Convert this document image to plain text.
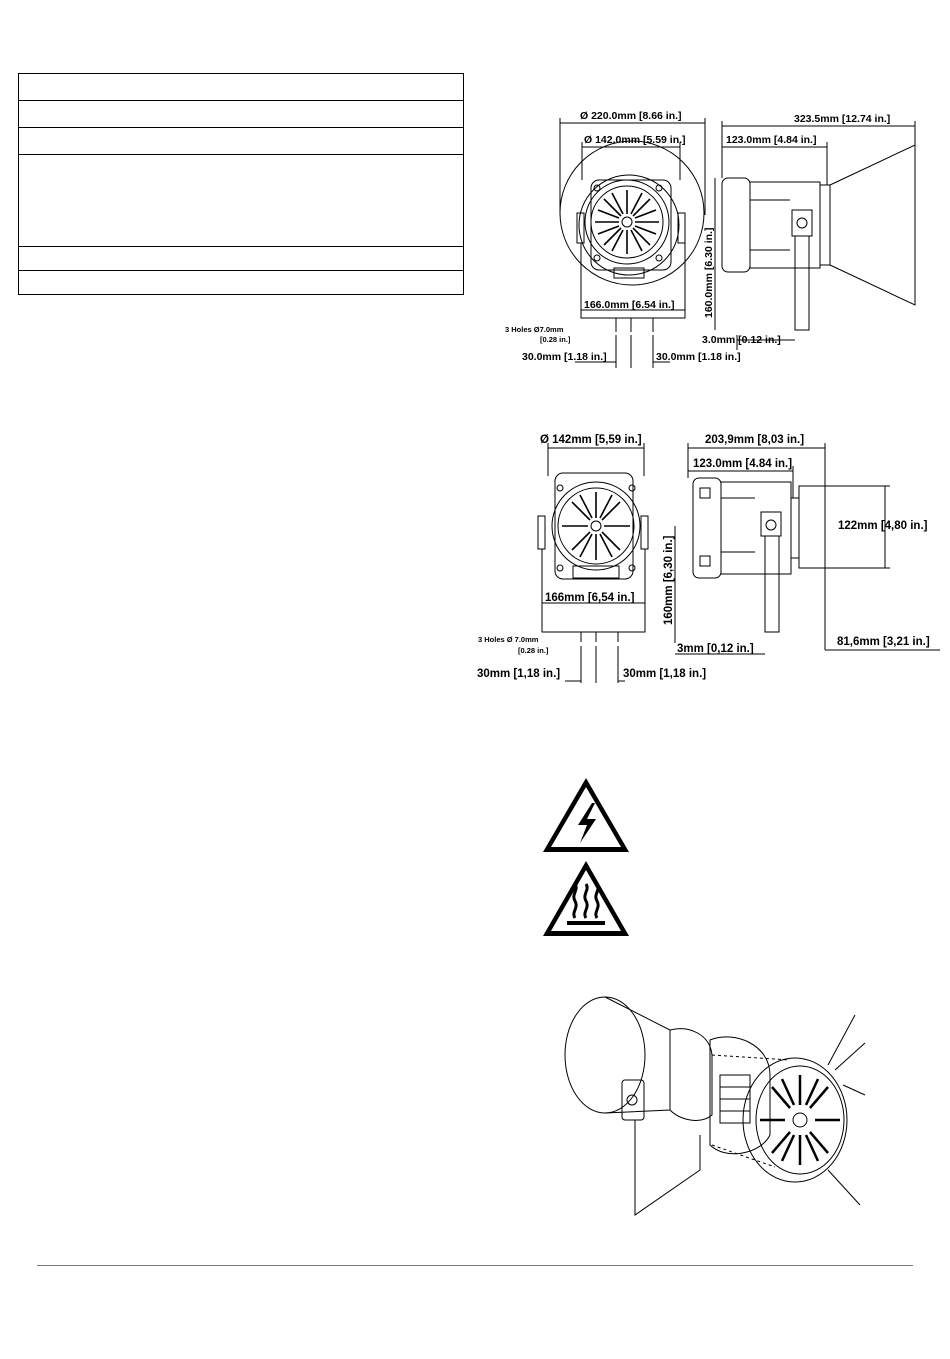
Ø 220.0mm [8.66 in.]
Ø 142.0mm [5.59 in.]
323.5mm [12.74 in.]
123.0mm [4.84 in.]
160.0mm [6.30 in.]
166.0mm [6.54 in.]
3 Holes Ø7.0mm
[0.28 in.]
30.0mm [1.18 in.]	30.0mm [1.18 in.]
3.0mm [0.12 in.]
Ø 142mm [5,59 in.]	203,9mm [8,03 in.]
123.0mm [4.84 in.]
122mm [4,80 in.]
160mm [6,30 in.]
166mm [6,54 in.]
3 Holes Ø 7.0mm
[0.28 in.]
30mm [1,18 in.]	30mm [1,18 in.]
3mm [0,12 in.]
81,6mm [3,21 in.]
